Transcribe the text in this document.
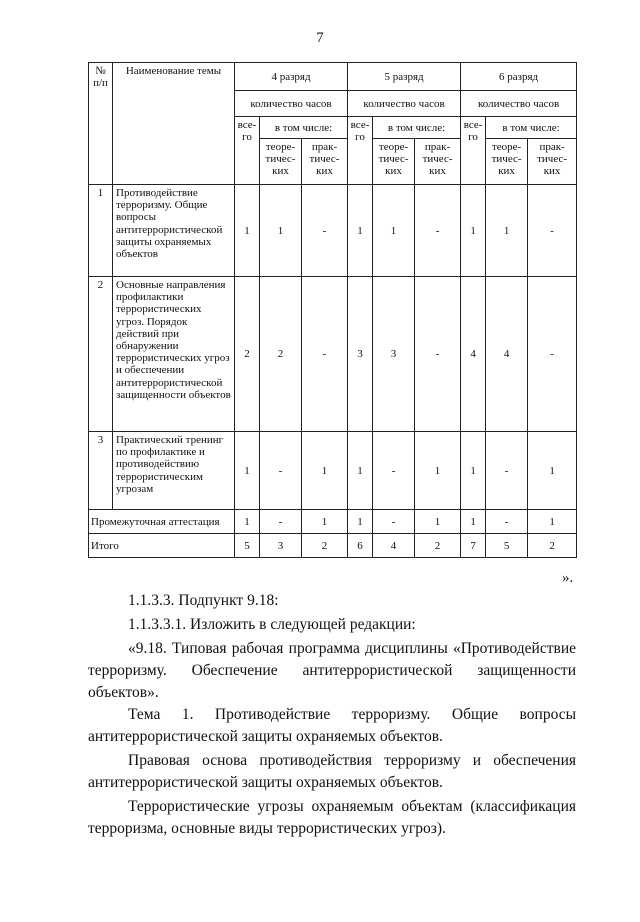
7
№ п/п	Наименование темы	4 разряд			5 разряд			6 разряд		
		количество часов			количество часов			количество часов		
		все-го	в том числе:		все-го	в том числе:		все-го	в том числе:	
			теоре-тичес-ких	прак-тичес-ких		теоре-тичес-ких	прак-тичес-ких		теоре-тичес-ких	прак-тичес-ких
1	Противодействие терроризму. Общие вопросы антитеррористической защиты охраняемых объектов	1	1	-	1	1	-	1	1	-
2	Основные направления профилактики террористических угроз. Порядок действий при обнаружении террористических угроз и обеспечении антитеррористической защищенности объектов	2	2	-	3	3	-	4	4	-
3	Практический тренинг по профилактике и противодействию террористическим угрозам	1	-	1	1	-	1	1	-	1
Промежуточная аттестация		1	-	1	1	-	1	1	-	1
Итого		5	3	2	6	4	2	7	5	2
».
1.1.3.3. Подпункт 9.18:
1.1.3.3.1. Изложить в следующей редакции:
«9.18. Типовая рабочая программа дисциплины «Противодействие
терроризму. Обеспечение антитеррористической защищенности
объектов».
Тема 1. Противодействие терроризму. Общие вопросы
антитеррористической защиты охраняемых объектов.
Правовая основа противодействия терроризму и обеспечения
антитеррористической защиты охраняемых объектов.
Террористические угрозы охраняемым объектам (классификация
терроризма, основные виды террористических угроз).
